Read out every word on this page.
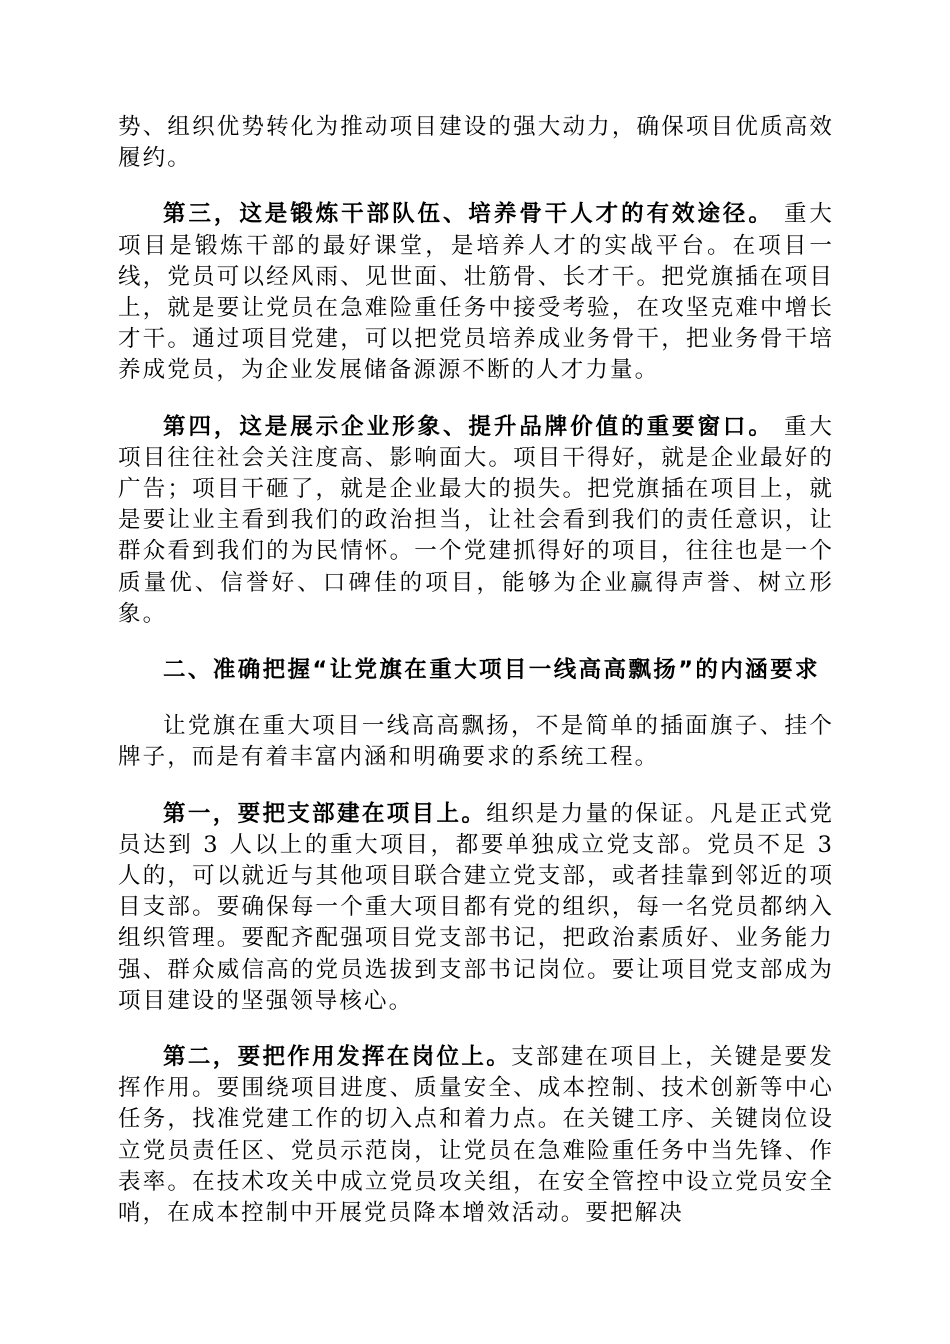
势、组织优势转化为推动项目建设的强大动力，确保项目优质高效履约。

第三，这是锻炼干部队伍、培养骨干人才的有效途径。 重大项目是锻炼干部的最好课堂，是培养人才的实战平台。在项目一线，党员可以经风雨、见世面、壮筋骨、长才干。把党旗插在项目上，就是要让党员在急难险重任务中接受考验，在攻坚克难中增长才干。通过项目党建，可以把党员培养成业务骨干，把业务骨干培养成党员，为企业发展储备源源不断的人才力量。

第四，这是展示企业形象、提升品牌价值的重要窗口。 重大项目往往社会关注度高、影响面大。项目干得好，就是企业最好的广告；项目干砸了，就是企业最大的损失。把党旗插在项目上，就是要让业主看到我们的政治担当，让社会看到我们的责任意识，让群众看到我们的为民情怀。一个党建抓得好的项目，往往也是一个质量优、信誉好、口碑佳的项目，能够为企业赢得声誉、树立形象。

二、准确把握“让党旗在重大项目一线高高飘扬”的内涵要求

让党旗在重大项目一线高高飘扬，不是简单的插面旗子、挂个牌子，而是有着丰富内涵和明确要求的系统工程。

第一，要把支部建在项目上。组织是力量的保证。凡是正式党员达到 3 人以上的重大项目，都要单独成立党支部。党员不足 3 人的，可以就近与其他项目联合建立党支部，或者挂靠到邻近的项目支部。要确保每一个重大项目都有党的组织，每一名党员都纳入组织管理。要配齐配强项目党支部书记，把政治素质好、业务能力强、群众威信高的党员选拔到支部书记岗位。要让项目党支部成为项目建设的坚强领导核心。

第二，要把作用发挥在岗位上。支部建在项目上，关键是要发挥作用。要围绕项目进度、质量安全、成本控制、技术创新等中心任务，找准党建工作的切入点和着力点。在关键工序、关键岗位设立党员责任区、党员示范岗，让党员在急难险重任务中当先锋、作表率。在技术攻关中成立党员攻关组，在安全管控中设立党员安全哨，在成本控制中开展党员降本增效活动。要把解决
